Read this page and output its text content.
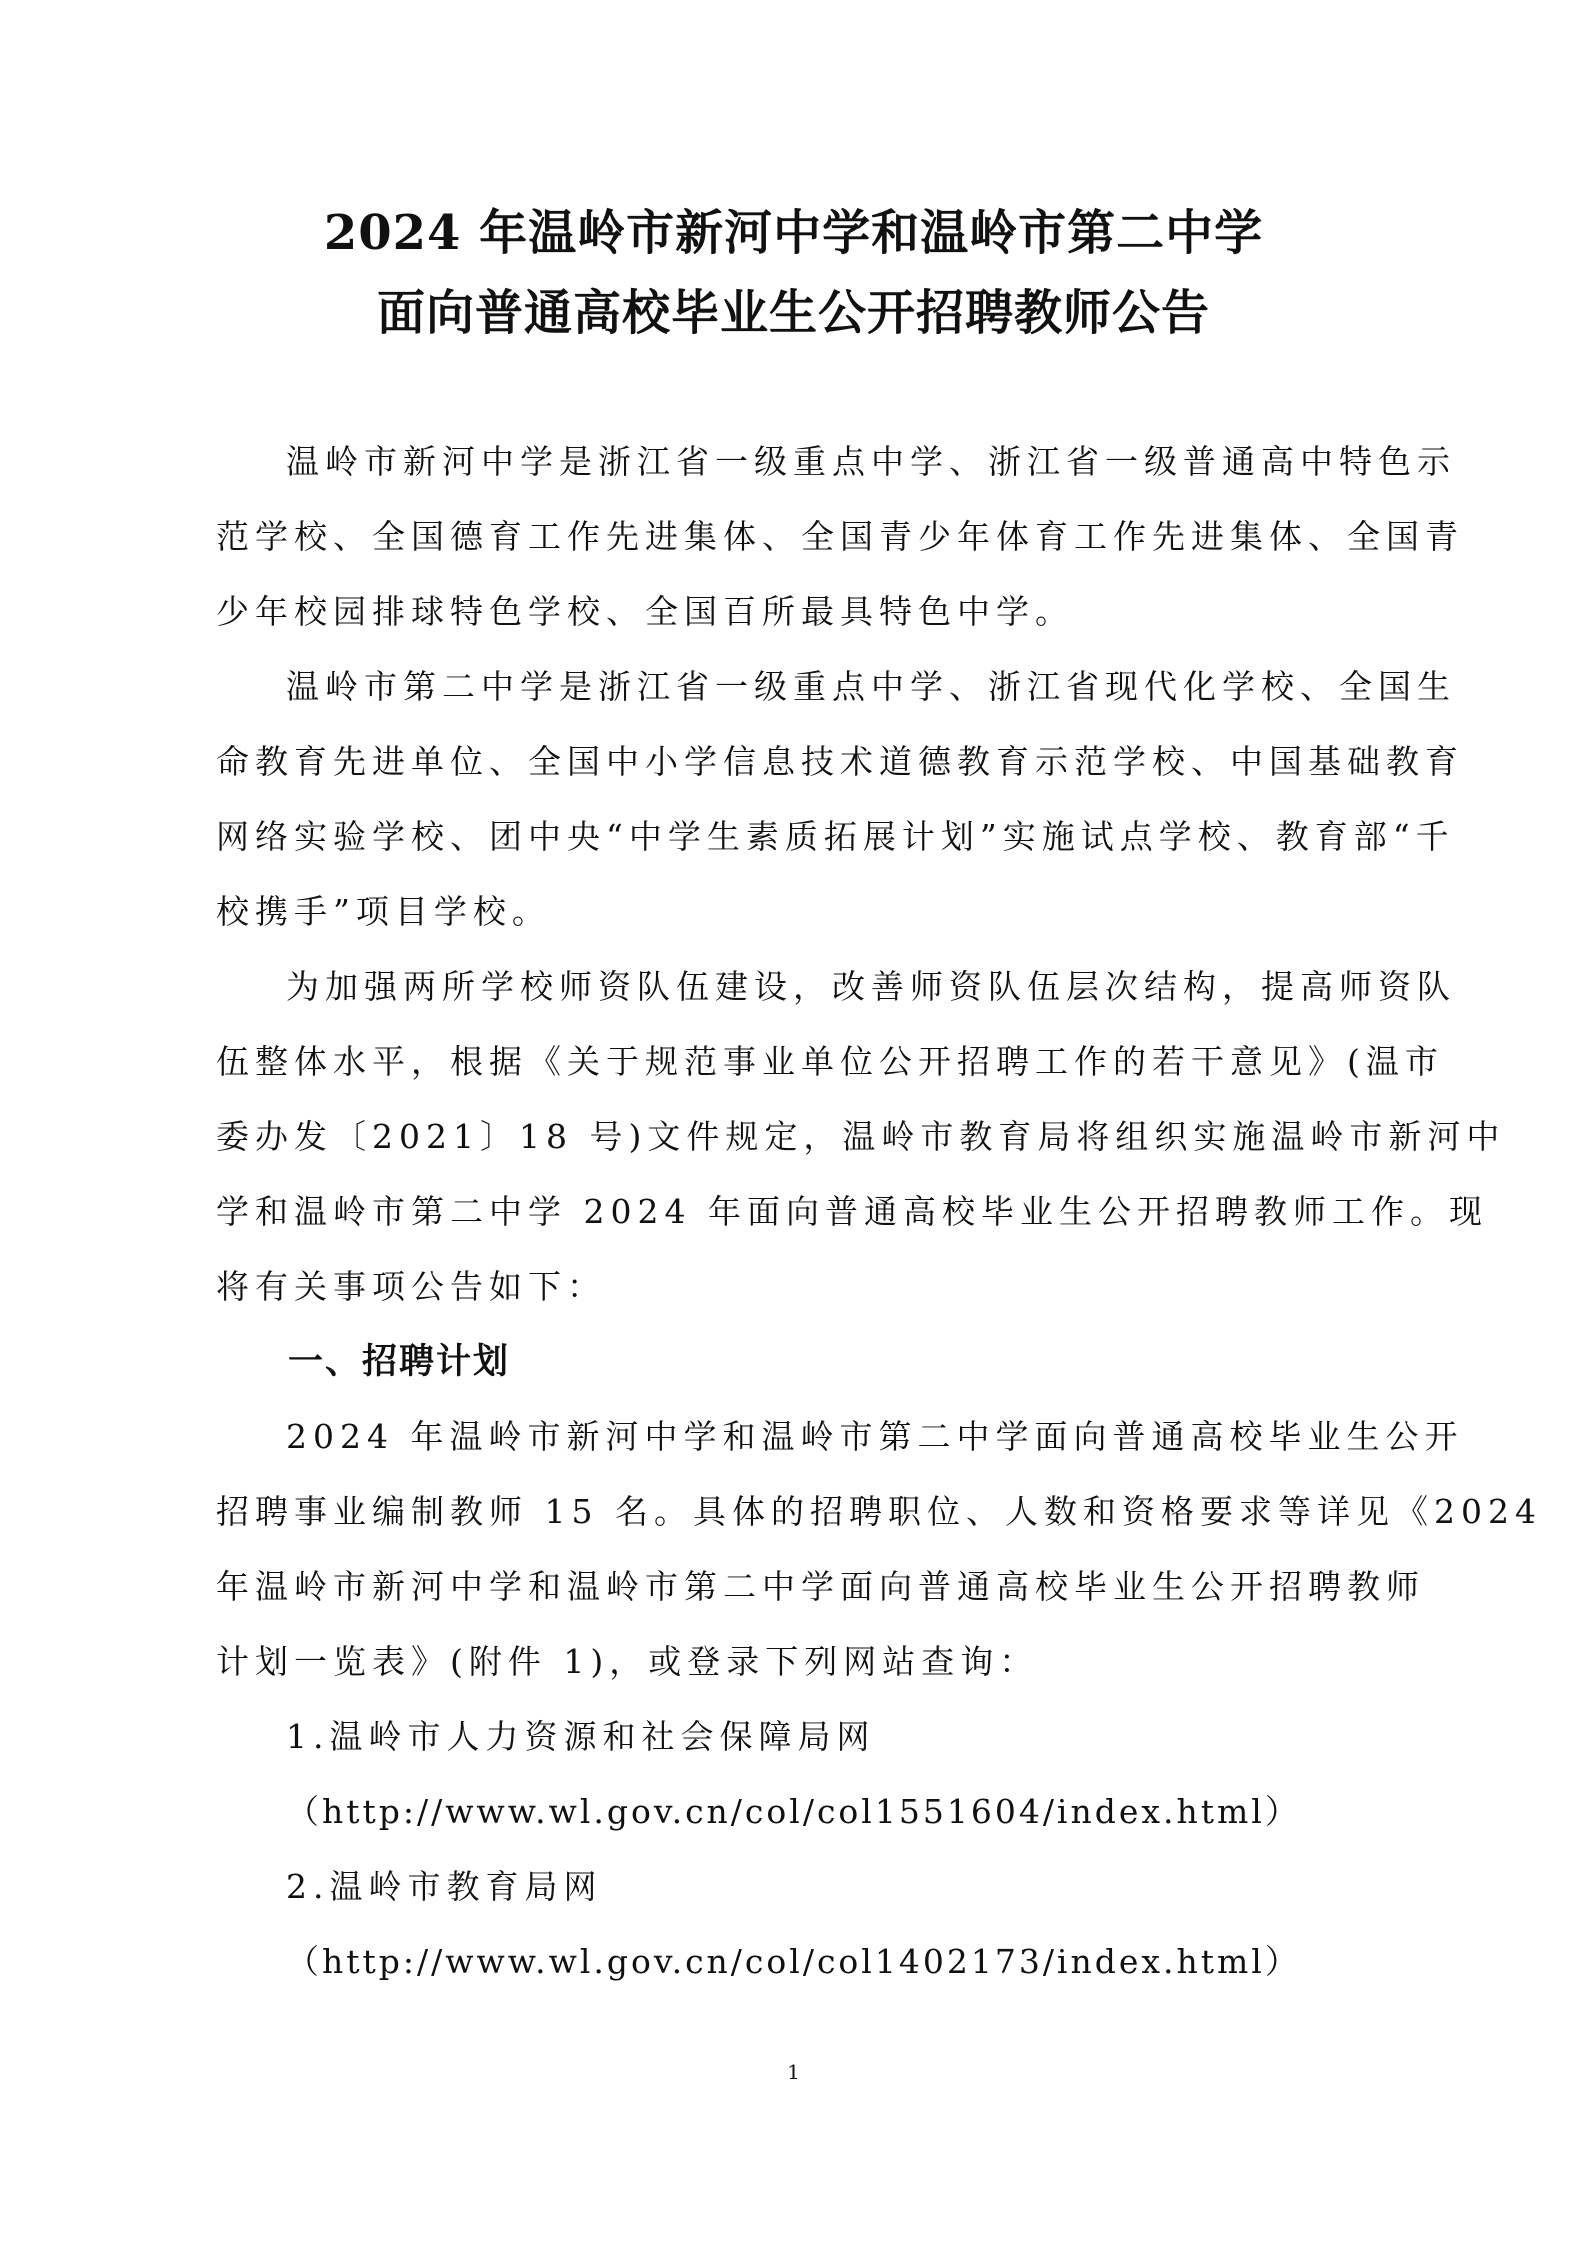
2024 年温岭市新河中学和温岭市第二中学
面向普通高校毕业生公开招聘教师公告
温岭市新河中学是浙江省一级重点中学、浙江省一级普通高中特色示
范学校、全国德育工作先进集体、全国青少年体育工作先进集体、全国青
少年校园排球特色学校、全国百所最具特色中学。
温岭市第二中学是浙江省一级重点中学、浙江省现代化学校、全国生
命教育先进单位、全国中小学信息技术道德教育示范学校、中国基础教育
网络实验学校、团中央“中学生素质拓展计划”实施试点学校、教育部“千
校携手”项目学校。
为加强两所学校师资队伍建设，改善师资队伍层次结构，提高师资队
伍整体水平，根据《关于规范事业单位公开招聘工作的若干意见》(温市
委办发〔2021〕18 号)文件规定，温岭市教育局将组织实施温岭市新河中
学和温岭市第二中学 2024 年面向普通高校毕业生公开招聘教师工作。现
将有关事项公告如下：
一、招聘计划
2024 年温岭市新河中学和温岭市第二中学面向普通高校毕业生公开
招聘事业编制教师 15 名。具体的招聘职位、人数和资格要求等详见《2024
年温岭市新河中学和温岭市第二中学面向普通高校毕业生公开招聘教师
计划一览表》(附件 1)，或登录下列网站查询：
1.温岭市人力资源和社会保障局网
（http://www.wl.gov.cn/col/col1551604/index.html）
2.温岭市教育局网
（http://www.wl.gov.cn/col/col1402173/index.html）
1
